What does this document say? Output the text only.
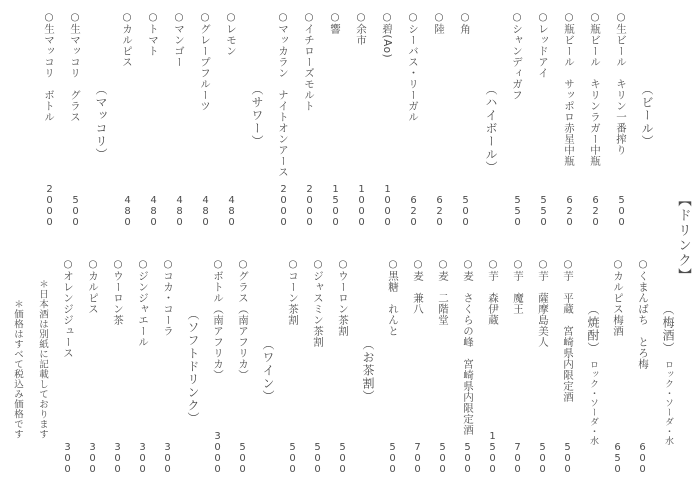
【ドリンク】
（ビール）
○生ビール　キリン一番搾り
500
○瓶ビール　キリンラガー中瓶
620
○瓶ビール　サッポロ赤星中瓶
620
○レッドアイ
550
○シャンディガフ
550
（ハイボール）
○角
500
○陸
620
○シーバス・リーガル
620
○碧(Ao)
1000
○余市
1000
○響
1500
○イチローズモルト
2000
○マッカラン　ナイトオンアース
2000
（サワー）
○レモン
480
○グレープフルーツ
480
○マンゴー
480
○トマト
480
○カルピス
480
（マッコリ）
○生マッコリ　グラス
500
○生マッコリ　ボトル
2000
（梅酒）
ロック・ソーダ・水
○くまんばち　とろ梅
600
○カルピス梅酒
650
（焼酎）
ロック・ソーダ・水
○芋　平蔵　宮崎県内限定酒
500
○芋　薩摩島美人
500
○芋　魔王
700
○芋　森伊蔵
1500
○麦　さくらの峰　宮崎県内限定酒
500
○麦　二階堂
500
○麦　兼八
700
○黒糖　れんと
500
（お茶割）
○ウーロン茶割
500
○ジャスミン茶割
500
○コーン茶割
500
（ワイン）
○グラス（南アフリカ）
500
○ボトル（南アフリカ）
3000
（ソフトドリンク）
○コカ・コーラ
300
○ジンジャエール
300
○ウーロン茶
300
○カルピス
300
○オレンジジュース
300
＊日本酒は別紙に記載しております
＊価格はすべて税込み価格です
